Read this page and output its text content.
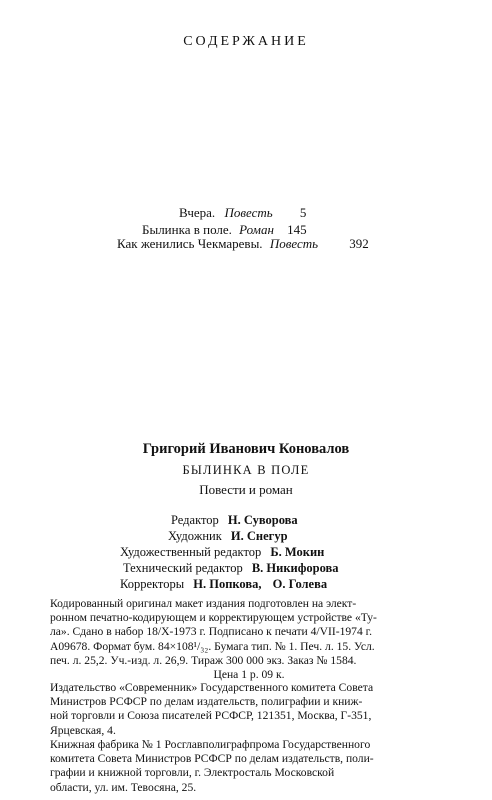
СОДЕРЖАНИЕ
Вчера. Повесть 5
Былинка в поле. Роман 145
Как женились Чекмаревы. Повесть 392
Григорий Иванович Коновалов
БЫЛИНКА В ПОЛЕ
Повести и роман
Редактор Н. Суворова
Художник И. Снегур
Художественный редактор Б. Мокин
Технический редактор В. Никифорова
Корректоры Н. Попкова, О. Голева
Кодированный оригинал макет издания подготовлен на элект-
ронном печатно-кодирующем и корректирующем устройстве «Ту-
ла». Сдано в набор 18/X-1973 г. Подписано к печати 4/VII-1974 г.
А09678. Формат бум. 84×108¹/₃₂. Бумага тип. № 1. Печ. л. 15. Усл.
печ. л. 25,2. Уч.-изд. л. 26,9. Тираж 300 000 экз. Заказ № 1584.
Цена 1 р. 09 к.
Издательство «Современник» Государственного комитета Совета
Министров РСФСР по делам издательств, полиграфии и книж-
ной торговли и Союза писателей РСФСР, 121351, Москва, Г-351,
Ярцевская, 4.
Книжная фабрика № 1 Росглавполиграфпрома Государственного
комитета Совета Министров РСФСР по делам издательств, поли-
графии и книжной торговли, г. Электросталь Московской
области, ул. им. Тевосяна, 25.
